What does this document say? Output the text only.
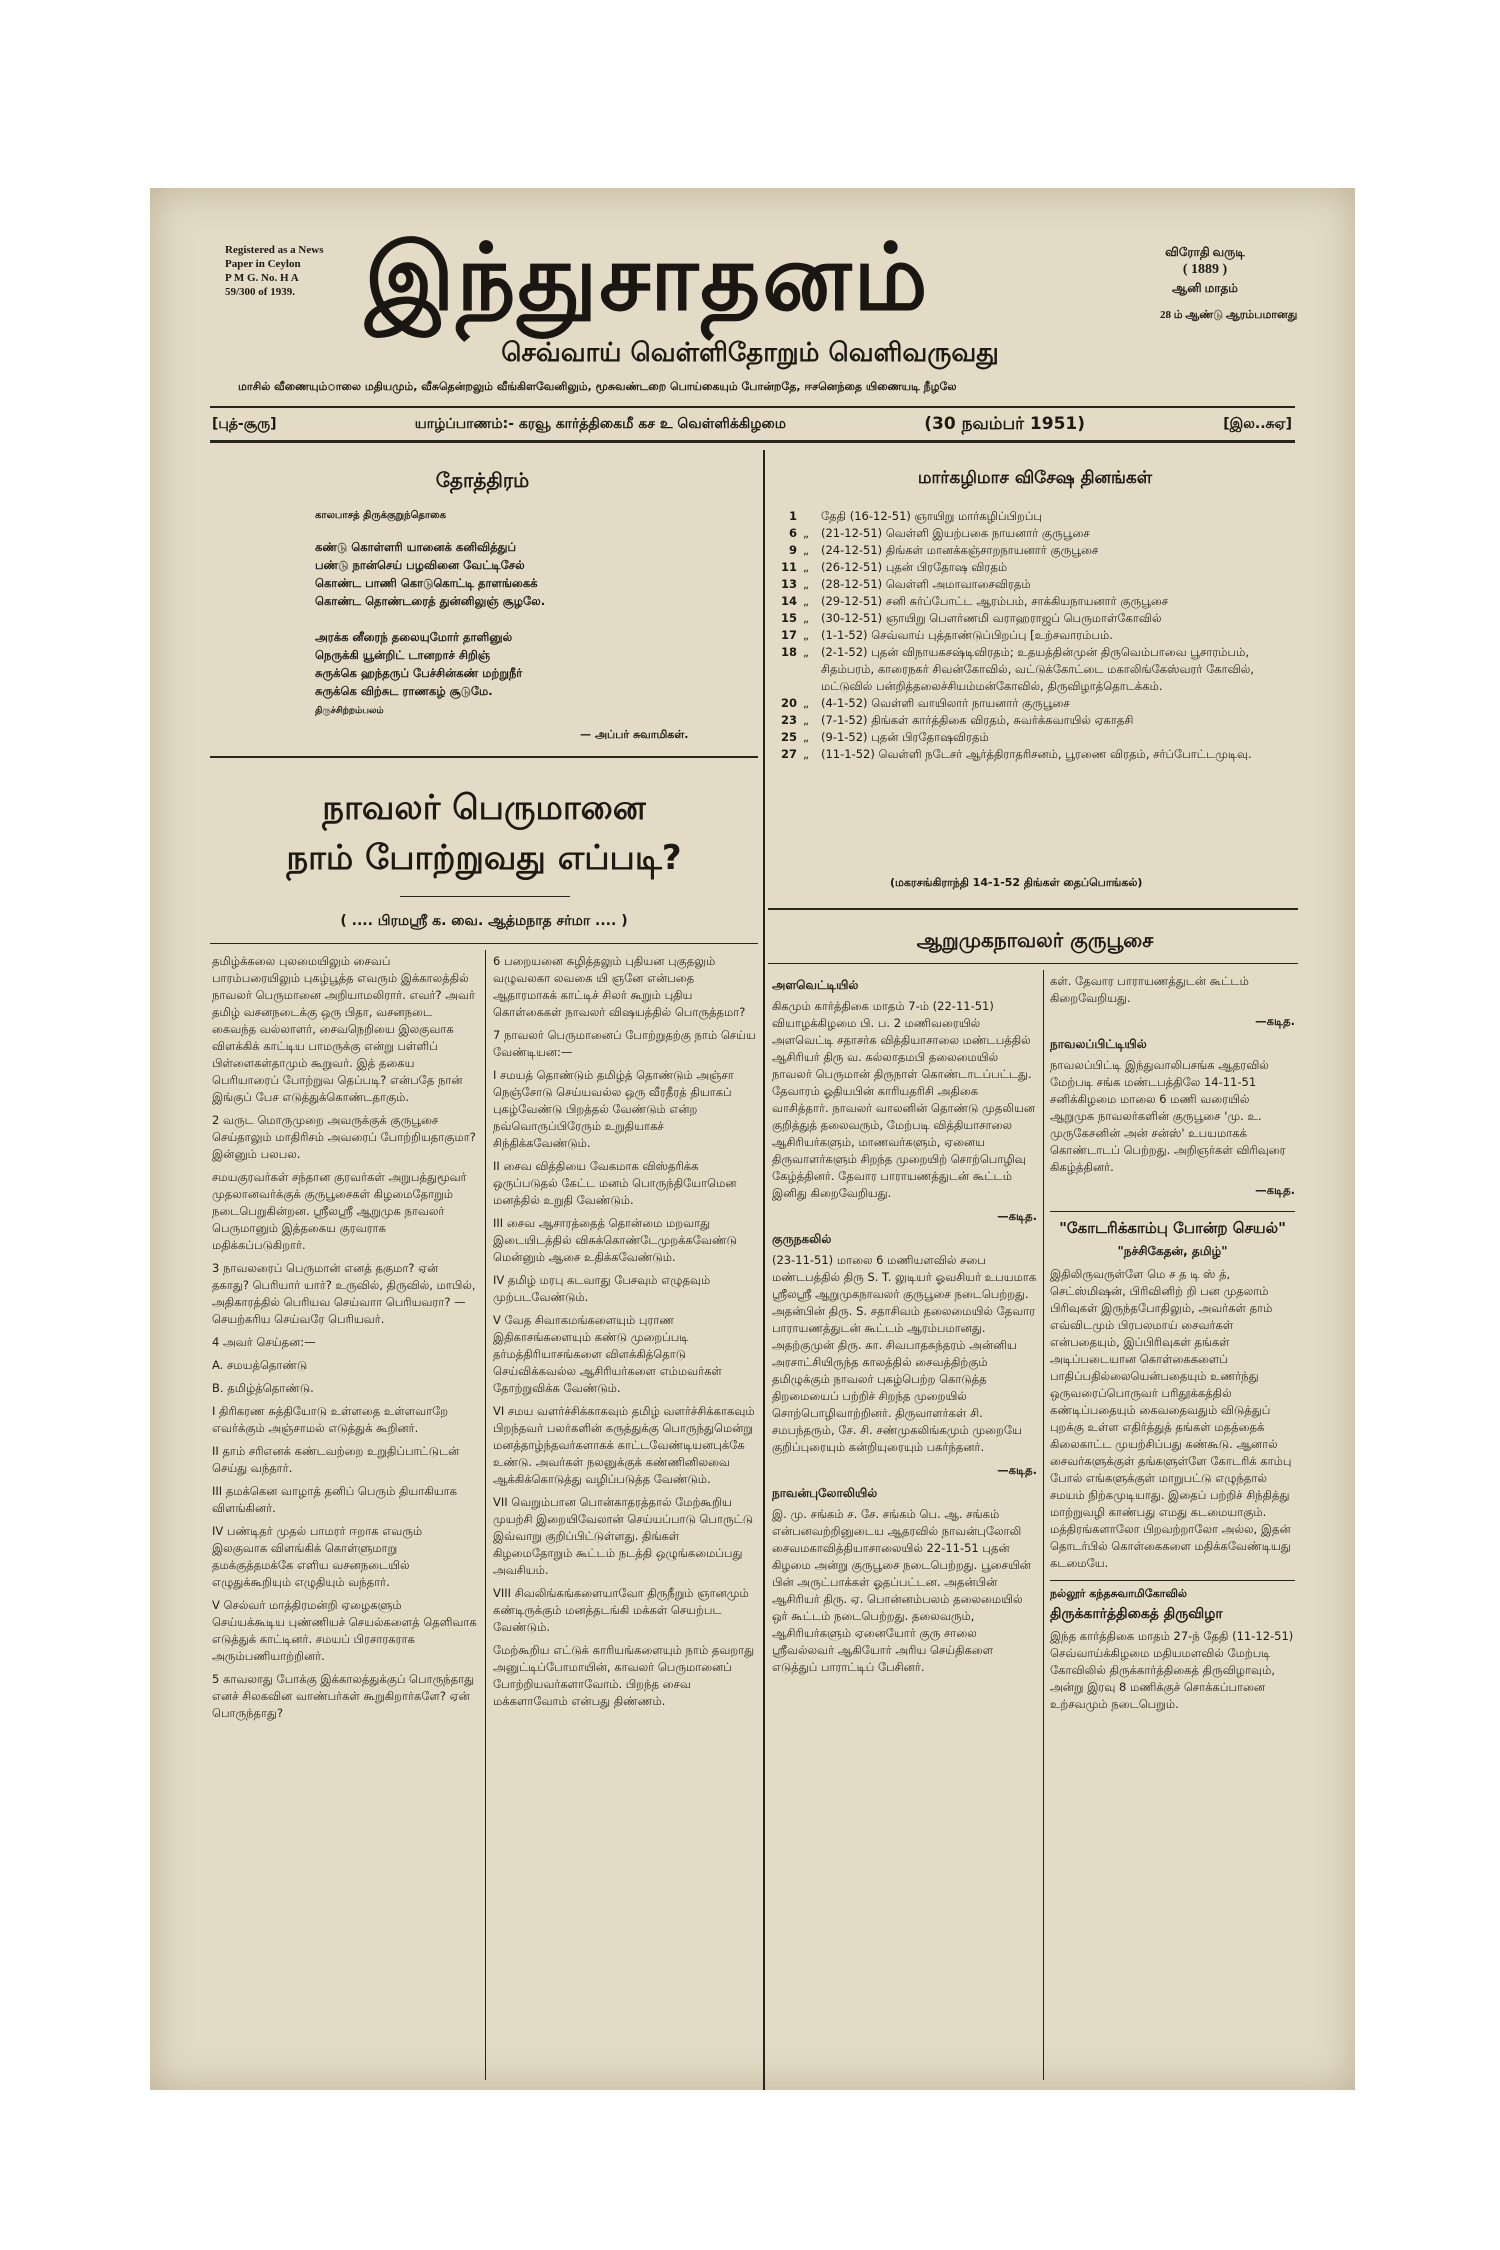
Registered as a News
Paper in Ceylon
P M G. No. H A
59/300 of 1939. இந்துசாதனம்	விரோதி வருடி
( 1889 )
ஆனி மாதம்
28 ம் ஆண்டு ஆரம்பமானது
செவ்வாய் வெள்ளிதோறும் வெளிவருவது
மாசில் வீணையும்ாலை மதியமும், வீசுதென்றலும் வீங்கிளவேனிலும், மூசுவண்டறை பொய்கையும் போன்றதே, ஈசனெந்தை யிணையடி நீழலே
[புத்-சூரு]	யாழ்ப்பாணம்:- கரவூ கார்த்திகைமீ கச உ வெள்ளிக்கிழமை	(30 நவம்பர் 1951)	[இல..சுஏ]
தோத்திரம்
காலபாசத் திருக்குறுந்தொகை
கண்டு கொள்ளரி யானைக் கனிவித்துப்
பண்டு நான்செய் பழவினை வேட்டிசேல்
கொண்ட பாணி கொடுகொட்டி தாளங்கைக்
கொண்ட தொண்டரைத் துன்னிலுஞ் சூழலே.
அரக்க னீரைந் தலையுமோர் தாளினுல்
நெருக்கி யூன்றிட் டானறாச் சிறிஞ்
சுருக்கெ ஹந்தருப் பேச்சின்கண் மற்றுநீர்
சுருக்கெ விற்சுட ராணகழ் சூடுமே.
திருச்சிற்றம்பலம்
— அப்பர் சுவாமிகள்.
மார்கழிமாச விசேஷ தினங்கள்
1 தேதி (16-12-51) ஞாயிறு மார்கழிப்பிறப்பு
6 „	(21-12-51) வெள்ளி இயற்பகை நாயனார் குருபூசை
9 „	(24-12-51) திங்கள் மானக்கஞ்சாறநாயனார் குருபூசை
11 „	(26-12-51) புதன் பிரதோஷ விரதம்
13 „	(28-12-51) வெள்ளி அமாவாசைவிரதம்
14 „	(29-12-51) சனி சுர்ப்போட்ட ஆரம்பம், சாக்கியநாயனார் குருபூசை
15 „	(30-12-51) ஞாயிறு பௌர்ணமி வராஹராஜப் பெருமாள்கோவில்
17 „	(1-1-52) செவ்வாய் புத்தாண்டுப்பிறப்பு [உற்சவாரம்பம்.
18 „	(2-1-52) புதன் விநாயகசஷ்டிவிரதம்; உதயத்தின்முன் திருவெம்பாவை பூசாரம்பம், சிதம்பரம், காரைநகர் சிவன்கோவில், வட்டுக்கோட்டை மகாலிங்கேஸ்வரர் கோவில், மட்டுவில் பன்றித்தலைச்சியம்மன்கோவில், திருவிழாத்தொடக்கம்.
20 „	(4-1-52) வெள்ளி வாயிலார் நாயனார் குருபூசை
23 „	(7-1-52) திங்கள் கார்த்திகை விரதம், சுவர்க்கவாயில் ஏகாதசி
25 „	(9-1-52) புதன் பிரதோஷவிரதம்
27 „	(11-1-52) வெள்ளி நடேசர் ஆர்த்திராதரிசனம், பூரணை விரதம், சர்ப்போட்டமுடிவு.
(மகரசங்கிராந்தி 14-1-52 திங்கள் தைப்பொங்கல்)
நாவலர் பெருமானை
நாம் போற்றுவது எப்படி?
( .... பிரமஸ்ரீ க. வை. ஆத்மநாத சர்மா .... )

தமிழ்க்கலை புலமையிலும் சைவப் பாரம்பரையிலும் புகழ்பூத்த எவரும் இக்காலத்தில் நாவலர் பெருமானை அறியாமலிரார். எவர்? அவர் தமிழ் வசனநடைக்கு ஒரு பிதா, வசனநடை கைவந்த வல்லாளர், சைவநெறியை இலகுவாக விளக்கிக் காட்டிய பாமருக்கு என்று பள்ளிப் பிள்ளைகள்தாமும் கூறுவர். இத் தகைய பெரியாரைப் போற்றுவ தெப்படி? என்பதே நான் இங்குப் பேச எடுத்துக்கொண்டதாகும்.

2 வருட மொருமுறை அவருக்குக் குருபூசை செய்தாலும் மாதிரிசம் அவரைப் போற்றியதாகுமா? இன்னும் பலபல.

சமயகுரவர்கள் சந்தான குரவர்கள் அறுபத்துமூவர் முதலானவர்க்குக் குருபூசைகள் கிழமைதோறும் நடைபெறுகின்றன. ஸ்ரீலஸ்ரீ ஆறுமுக நாவலர் பெருமானும் இத்தகைய குரவராக மதிக்கப்படுகிறார்.

3 நாவலரைப் பெருமான் எனத் தகுமா? ஏன் தகாது? பெரியார் யார்? உருவில், திருவில், மாபில், அதிகாரத்தில் பெரியவ செய்வாா பெரியவரா? — செயற்கரிய செய்வரே பெரியவர்.

4 அவர் செய்தன:—

A. சமயத்தொண்டு

B. தமிழ்த்தொண்டு.

I திரிகரண சுத்தியோடு உள்ளதை உள்ளவாறே எவர்க்கும் அஞ்சாமல் எடுத்துக் கூறினர்.

II தாம் சரிஎனக் கண்டவற்றை உறுதிப்பாட்டுடன் செய்து வந்தார்.

III தமக்கென வாழாத் தனிப் பெரும் தியாகியாக விளங்கினர்.

IV பண்டிதர் முதல் பாமரர் ஈறாக எவரும் இலகுவாக விளங்கிக் கொள்ளுமாறு தமக்குத்தமக்கே எளிய வசனநடையில் எழுதுக்கூறியும் எழுதியும் வந்தார்.

V செல்வர் மாத்திரமன்றி ஏழைகளும் செய்யக்கூடிய புண்ணியச் செயல்களைத் தெளிவாக எடுத்துக் காட்டினர். சமயப் பிரசாரகராக அரும்பணியாற்றினர்.

5 காவலாது போக்கு இக்காலத்துக்குப் பொருந்தாது எனச் சிலகவின வாண்பர்கள் கூறுகிறார்களே? ஏன் பொருந்தாது?

6 பறையனை சுழித்தலும் புதியன புகுதலும் வழுவலகா லவகை யி ஞனே என்பதை ஆதாரமாகக் காட்டிச் சிலர் கூறும் புதிய கொள்கைகள் நாவலர் விஷயத்தில் பொருத்தமா?

7 நாவலர் பெருமானைப் போற்றுதற்கு நாம் செய்ய வேண்டியன:—

I சமயத் தொண்டும் தமிழ்த் தொண்டும் அஞ்சா நெஞ்சோடு செய்யவல்ல ஒரு வீரதீரத் தியாகப் புகழ்வேண்டு பிறத்தல் வேண்டும் என்ற நவ்வொருப்பிரேரும் உறுதியாகச் சிந்திக்கவேண்டும்.

II சைவ வித்தியை வேகமாக விஸ்தரிக்க ஒருப்படுதல் கேட்ட மனம் பொருந்தியோமென மனத்தில் உறுதி வேண்டும்.

III சைவ ஆசாரத்தைத் தொன்மை மறவாது இடையிடத்தில் விசுக்கொண்டேமுறக்கவேண்டு மென்னும் ஆசை உதிக்கவேண்டும்.

IV தமிழ் மரபு கடவாது பேசவும் எழுதவும் முற்படவேண்டும்.

V வேத சிவாகமங்களையும் புராண இதிகாசங்களையும் கண்டு முறைப்படி தர்மத்திரியாசங்களை விளக்கித்தொடு செய்விக்கவல்ல ஆசிரியர்களை எம்மவர்கள் தோற்றுவிக்க வேண்டும்.

VI சமய வளர்ச்சிக்காகவும் தமிழ் வளர்ச்சிக்காகவும் பிறந்தவர் பலர்களின் கருத்துக்கு பொருந்துமென்று மனத்தாழ்ந்தவர்களாகக் காட்டவேண்டியனபுக்கே உண்டு. அவர்கள் நலனுக்குக் கண்ணினிலவை ஆக்கிக்கொடுத்து வழிப்படுத்த வேண்டும்.

VII வெறும்பான பொன்காதரத்தால் மேற்கூறிய முயற்சி இறையிவேலான் செய்யப்பாடு பொருட்டு இவ்வாறு குறிப்பிட்டுள்ளது. திங்கள் கிழமைதோறும் கூட்டம் நடத்தி ஒழுங்கமைப்பது அவசியம்.

VIII சிவலிங்கங்களையாவோ திருநீறும் ஞானமும் கண்டிருக்கும் மனத்தடங்கி மக்கள் செயற்பட வேண்டும்.

மேற்கூறிய எட்டுக் காரியங்களையும் நாம் தவறாது அனுட்டிப்போமாயின், காவலர் பெருமானைப் போற்றியவர்களாவோம். பிறந்த சைவ மக்களாவோம் என்பது திண்ணம்.

ஆறுமுகநாவலர் குருபூசை
அளவெட்டியில்

கிகமும் கார்த்திகை மாதம் 7-ம் (22-11-51) வியாழக்கிழமை பி. ப. 2 மணிவரையில் அளவெட்டி சதாசர்க வித்தியாசாலை மண்டபத்தில் ஆசிரியர் திரு வ. கல்லாதமபி தலைமையில் நாவலர் பெருமான் திருநாள் கொண்டாடப்பட்டது. தேவாரம் ஓதியபின் காரியதரிசி அதிகை வாசித்தார். நாவலர் வாலனின் தொண்டு முதலியன குறித்துத் தலைவரும், மேற்படி வித்தியாசாலை ஆசிரியர்களும், மாணவர்களும், ஏனைய திருவாளர்களும் சிறந்த முறையிற் சொற்பொழிவு கேழ்த்தினர். தேவார பாராயணத்துடன் கூட்டம் இனிது கிறைவேறியது.

—கடித.
குருநகலில்

(23-11-51) மாலை 6 மணியளவில் சபை மண்டபத்தில் திரு S. T. லுடியர் ஓவசியர் உபயமாக ஸ்ரீலஸ்ரீ ஆறுமுகநாவலர் குருபூசை நடைபெற்றது. அதன்பின் திரு. S. சதாசிவம் தலைமையில் தேவார பாராயணத்துடன் கூட்டம் ஆரம்பமானது. அதற்குமுன் திரு. கா. சிவபாதசுந்தரம் அன்னிய அரசாட்சியிருந்த காலத்தில் சைவத்திற்கும் தமிழுக்கும் நாவலர் புகழ்பெற்ற கொடுத்த திறமையைப் பற்றிச் சிறந்த முறையில் சொற்பொழிவாற்றினர். திருவாளர்கள் சி. சமபந்தரும், சே. சி. சண்முகலிங்கமும் முறையே குறிப்புரையும் கன்றியுரையும் பகர்ந்தனர்.

—கடித.
நாவன்புலோலியில்

இ. மு. சங்கம் ச. சே. சங்கம் பெ. ஆ. சங்கம் என்பனவற்றினுடைய ஆதரவில் நாவன்புலோலி சைவமகாவித்தியாசாலையில் 22-11-51 புதன் கிழமை அன்று குருபூசை நடைபெற்றது. பூசையின் பின் அருட்பாக்கள் ஓதப்பட்டன. அதன்பின் ஆசிரியர் திரு. ஏ. பொன்னம்பலம் தலைமையில் ஒர் கூட்டம் நடைபெற்றது. தலைவரும், ஆசிரியர்களும் ஏனையோர் குரு சாலை ஸ்ரீவல்லவர் ஆகியோர் அரிய செய்திகளை எடுத்துப் பாராட்டிப் பேசினர்.

கள். தேவார பாராயணத்துடன் கூட்டம் கிறைவேறியது.

—கடித.
நாவலப்பிட்டியில்

நாவலப்பிட்டி இந்துவாலிபசங்க ஆதரவில் மேற்படி சங்க மண்டபத்திலே 14-11-51 சனிக்கிழமை மாலை 6 மணி வரையில் ஆறுமுக நாவலர்களின் குருபூசை 'மு. உ. முருகேசனின் அன் சன்ஸ்' உபயமாகக் கொண்டாடப் பெற்றது. அறிஞர்கள் விரிவுரை கிகழ்த்தினர்.

—கடித.
"கோடரிக்காம்பு போன்ற செயல்"
"நச்சிகேதன், தமிழ்"
இதிலிருவருள்ளே மெ ச த டி ஸ் த், செட்ஸ்மிஷன், பிரிவினிற் றி பன முதலாம் பிரிவுகள் இருந்தபோதிலும், அவர்கள் தாம் எவ்விடமும் பிரபலமாய் சைவர்கள் என்பதையும், இப்பிரிவுகள் தங்கள் அடிப்படையான கொள்கைகளைப் பாதிப்பதில்லையென்பதையும் உணர்ந்து ஒருவரைப்பொருவர் பரிதூக்கத்தில் கண்டிப்பதையும் கைவதைவதும் விடுத்துப் புறக்கு உள்ள எதிர்த்துத் தங்கள் மதத்தைக் கிலைகாட்ட முயற்சிப்பது கண்கூடு. ஆனால் சைவர்களுக்குள் தங்களுள்ளே கோடரிக் காம்பு போல் எங்களுக்குள் மாறுபட்டு எழுந்தால் சமயம் நிற்கமுடியாது. இதைப் பற்றிச் சிந்தித்து மாற்றுவழி காண்பது எமது கடமையாகும். மத்திரங்களாலோ பிறவற்றாலோ அல்ல, இதன் தொடர்பில் கொள்கைகளை மதிக்கவேண்டியது கடமையே.
நல்லூர் கந்தசுவாமிகோவில்
திருக்கார்த்திகைத் திருவிழா
இந்த கார்த்திகை மாதம் 27-ந் தேதி (11-12-51) செவ்வாய்க்கிழமை மதியமளவில் மேற்படி கோவிலில் திருக்கார்த்திகைத் திருவிழாவும், அன்று இரவு 8 மணிக்குச் சொக்கப்பானை உற்சவமும் நடைபெறும்.
